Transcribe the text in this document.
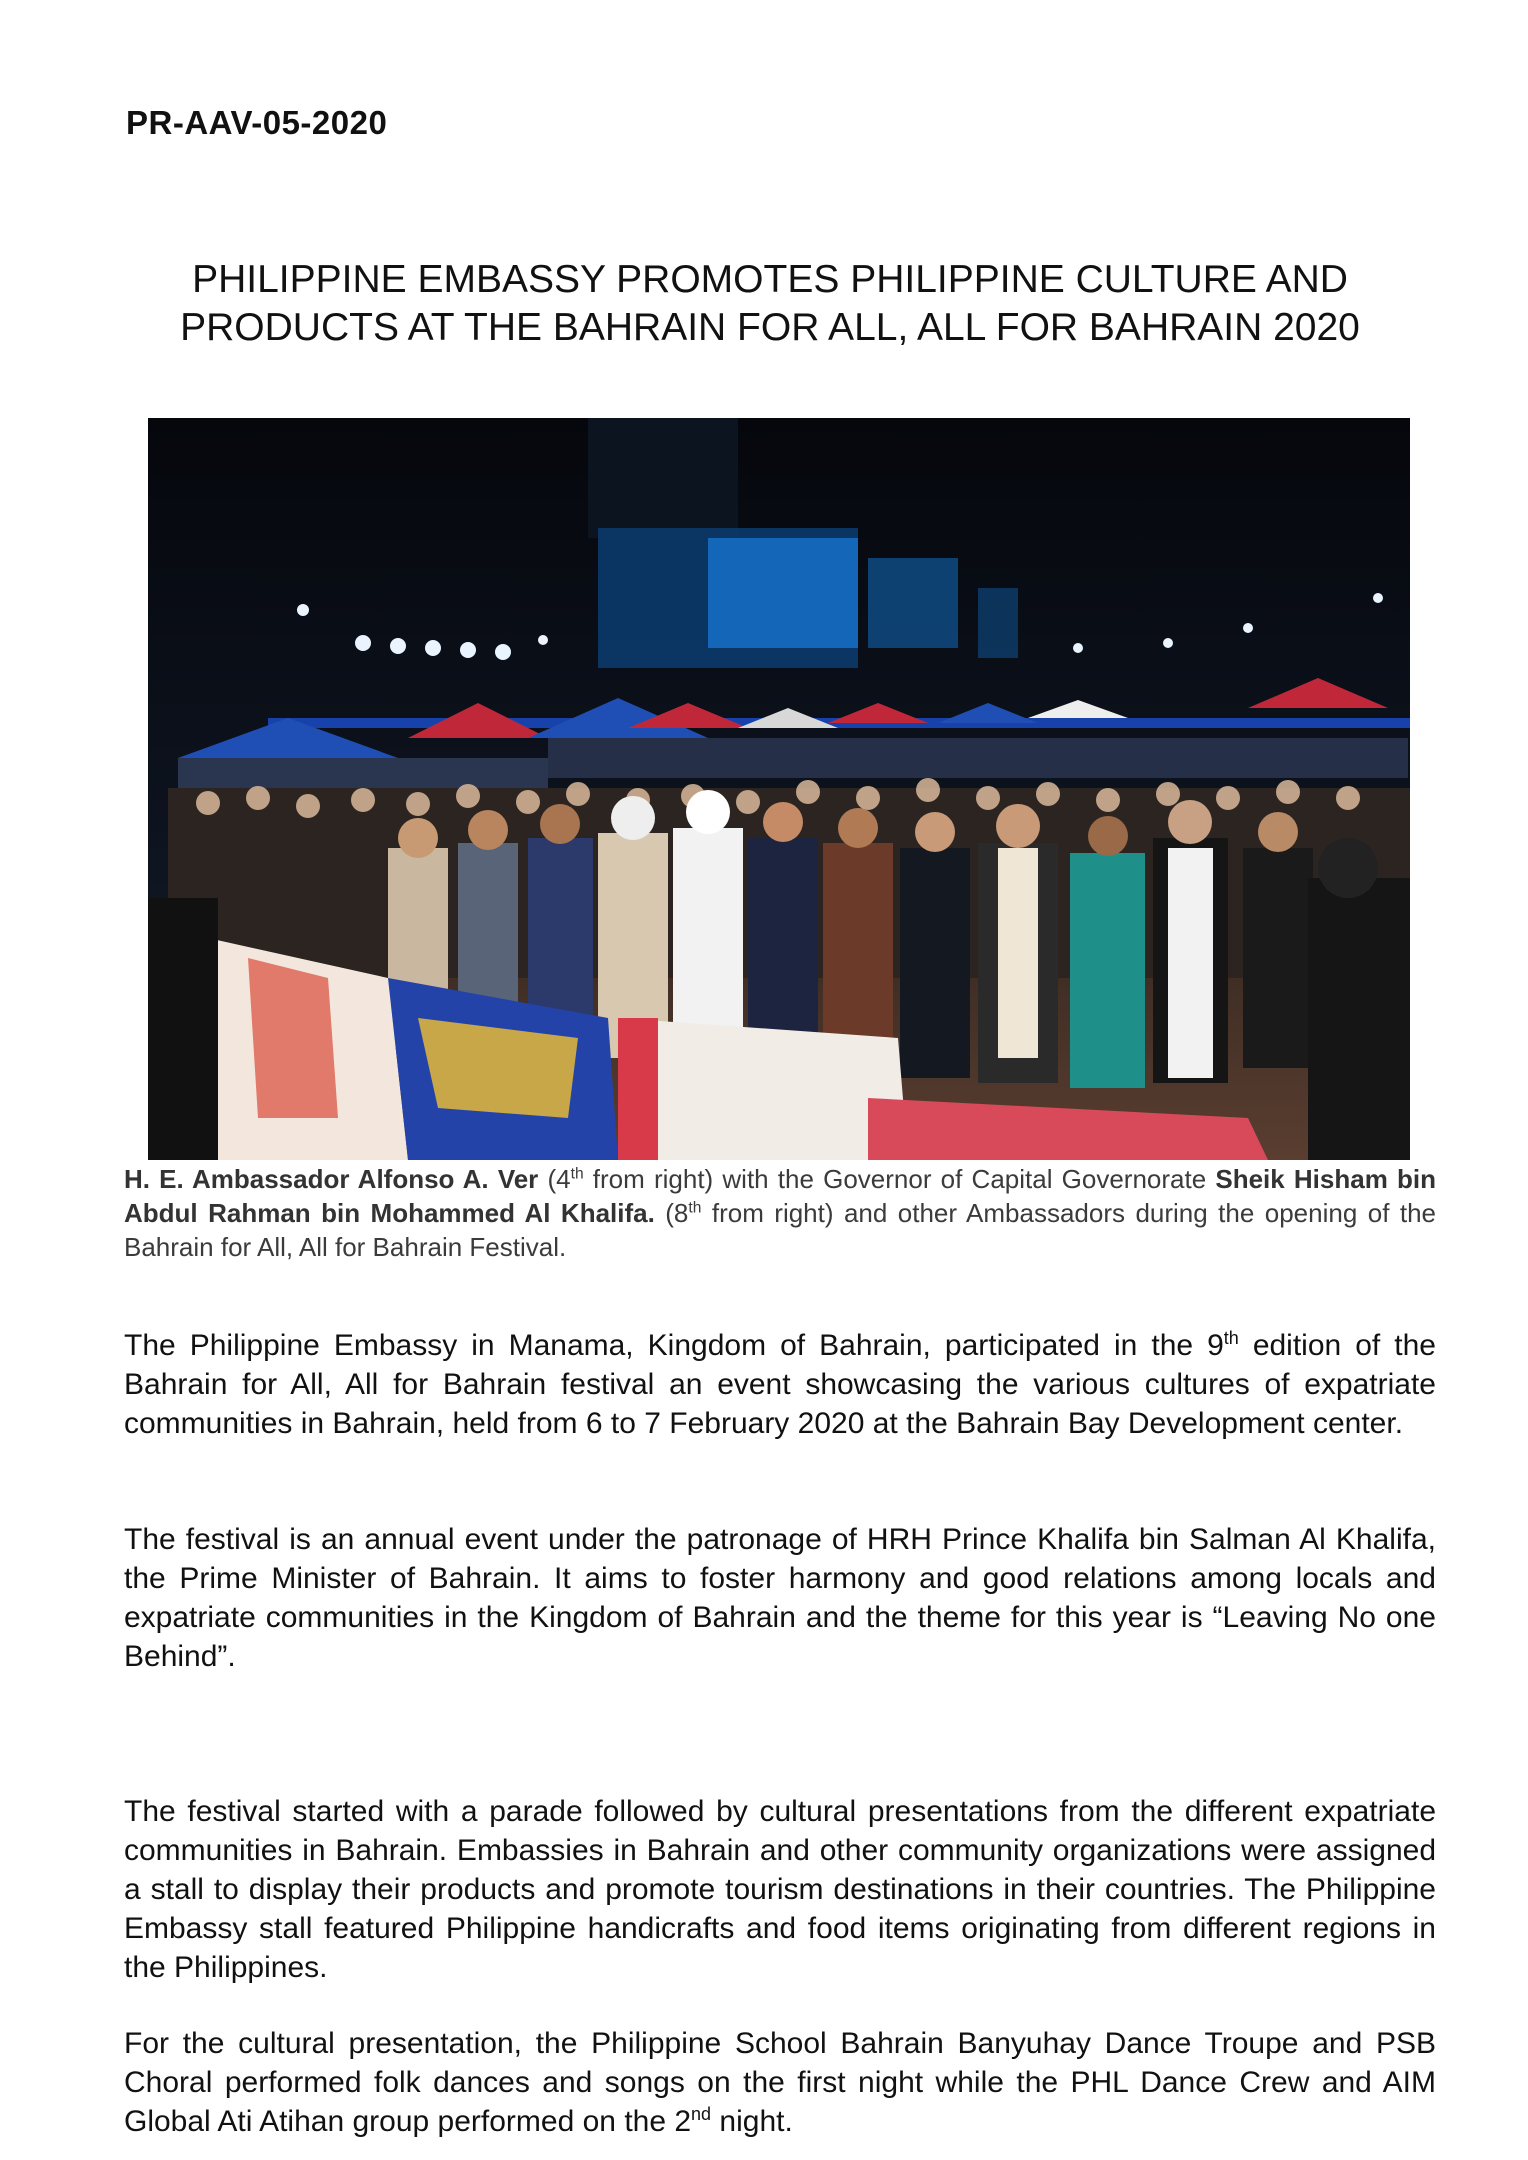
PR-AAV-05-2020
PHILIPPINE EMBASSY PROMOTES PHILIPPINE CULTURE AND
PRODUCTS AT THE BAHRAIN FOR ALL, ALL FOR BAHRAIN 2020
H. E. Ambassador Alfonso A. Ver (4th from right) with the Governor of Capital Governorate Sheik Hisham bin Abdul Rahman bin Mohammed Al Khalifa. (8th from right) and other Ambassadors during the opening of the Bahrain for All, All for Bahrain Festival.
The Philippine Embassy in Manama, Kingdom of Bahrain, participated in the 9th edition of the Bahrain for All, All for Bahrain festival an event showcasing the various cultures of expatriate communities in Bahrain, held from 6 to 7 February 2020 at the Bahrain Bay Development center.
The festival is an annual event under the patronage of HRH Prince Khalifa bin Salman Al Khalifa, the Prime Minister of Bahrain. It aims to foster harmony and good relations among locals and expatriate communities in the Kingdom of Bahrain and the theme for this year is “Leaving No one Behind”.
The festival started with a parade followed by cultural presentations from the different expatriate communities in Bahrain. Embassies in Bahrain and other community organizations were assigned a stall to display their products and promote tourism destinations in their countries. The Philippine Embassy stall featured Philippine handicrafts and food items originating from different regions in the Philippines.
For the cultural presentation, the Philippine School Bahrain Banyuhay Dance Troupe and PSB Choral performed folk dances and songs on the first night while the PHL Dance Crew and AIM Global Ati Atihan group performed on the 2nd night.
